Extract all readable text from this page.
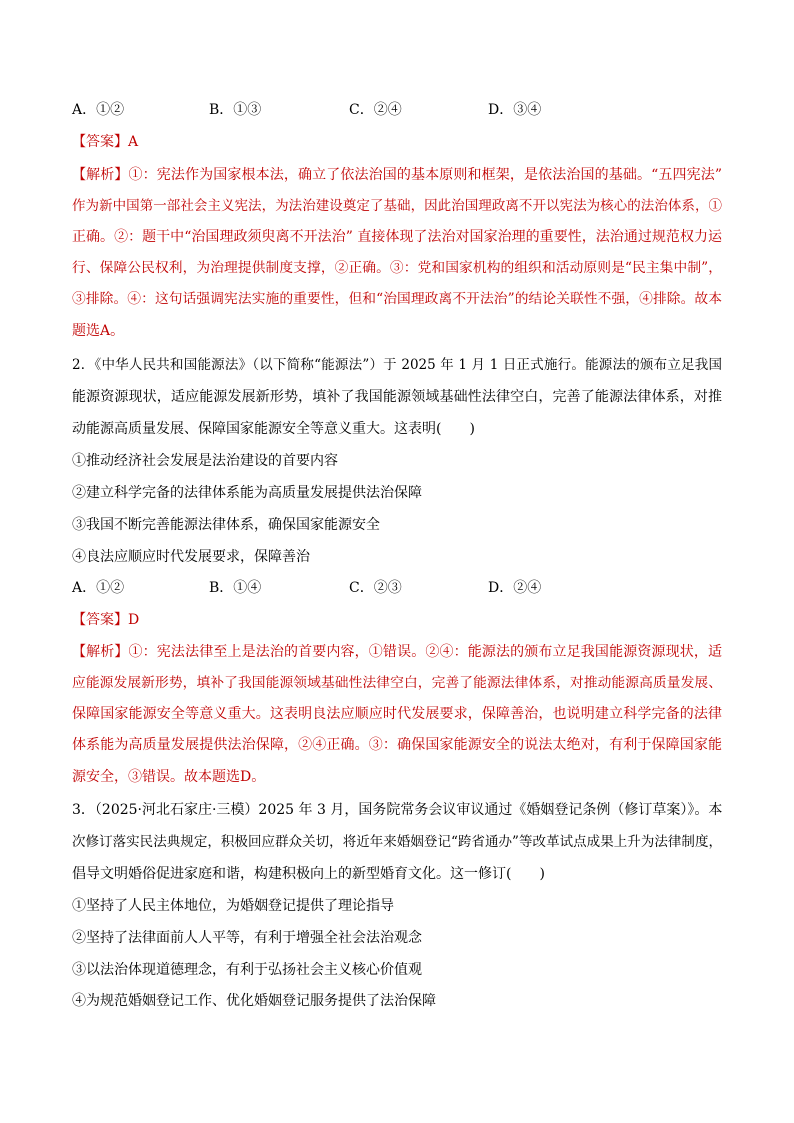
A．①②	B．①③	C．②④	D．③④
【答案】A
【解析】①：宪法作为国家根本法，确立了依法治国的基本原则和框架，是依法治国的基础。“五四宪法”
作为新中国第一部社会主义宪法，为法治建设奠定了基础，因此治国理政离不开以宪法为核心的法治体系，①
正确。②：题干中“治国理政须臾离不开法治” 直接体现了法治对国家治理的重要性，法治通过规范权力运
行、保障公民权利，为治理提供制度支撑，②正确。③：党和国家机构的组织和活动原则是“民主集中制”，
③排除。④：这句话强调宪法实施的重要性，但和“治国理政离不开法治”的结论关联性不强，④排除。故本
题选A。
2．《中华人民共和国能源法》（以下简称“能源法”）于 2025 年 1 月 1 日正式施行。能源法的颁布立足我国
能源资源现状，适应能源发展新形势，填补了我国能源领域基础性法律空白，完善了能源法律体系，对推
动能源高质量发展、保障国家能源安全等意义重大。这表明(　　)
①推动经济社会发展是法治建设的首要内容
②建立科学完备的法律体系能为高质量发展提供法治保障
③我国不断完善能源法律体系，确保国家能源安全
④良法应顺应时代发展要求，保障善治
A．①②	B．①④	C．②③	D．②④
【答案】D
【解析】①：宪法法律至上是法治的首要内容，①错误。②④：能源法的颁布立足我国能源资源现状，适
应能源发展新形势，填补了我国能源领域基础性法律空白，完善了能源法律体系，对推动能源高质量发展、
保障国家能源安全等意义重大。这表明良法应顺应时代发展要求，保障善治，也说明建立科学完备的法律
体系能为高质量发展提供法治保障，②④正确。③：确保国家能源安全的说法太绝对，有利于保障国家能
源安全，③错误。故本题选D。
3．（2025·河北石家庄·三模）2025 年 3 月，国务院常务会议审议通过《婚姻登记条例（修订草案）》。本
次修订落实民法典规定，积极回应群众关切，将近年来婚姻登记“跨省通办”等改革试点成果上升为法律制度，
倡导文明婚俗促进家庭和谐，构建积极向上的新型婚育文化。这一修订(　　)
①坚持了人民主体地位，为婚姻登记提供了理论指导
②坚持了法律面前人人平等，有利于增强全社会法治观念
③以法治体现道德理念，有利于弘扬社会主义核心价值观
④为规范婚姻登记工作、优化婚姻登记服务提供了法治保障
